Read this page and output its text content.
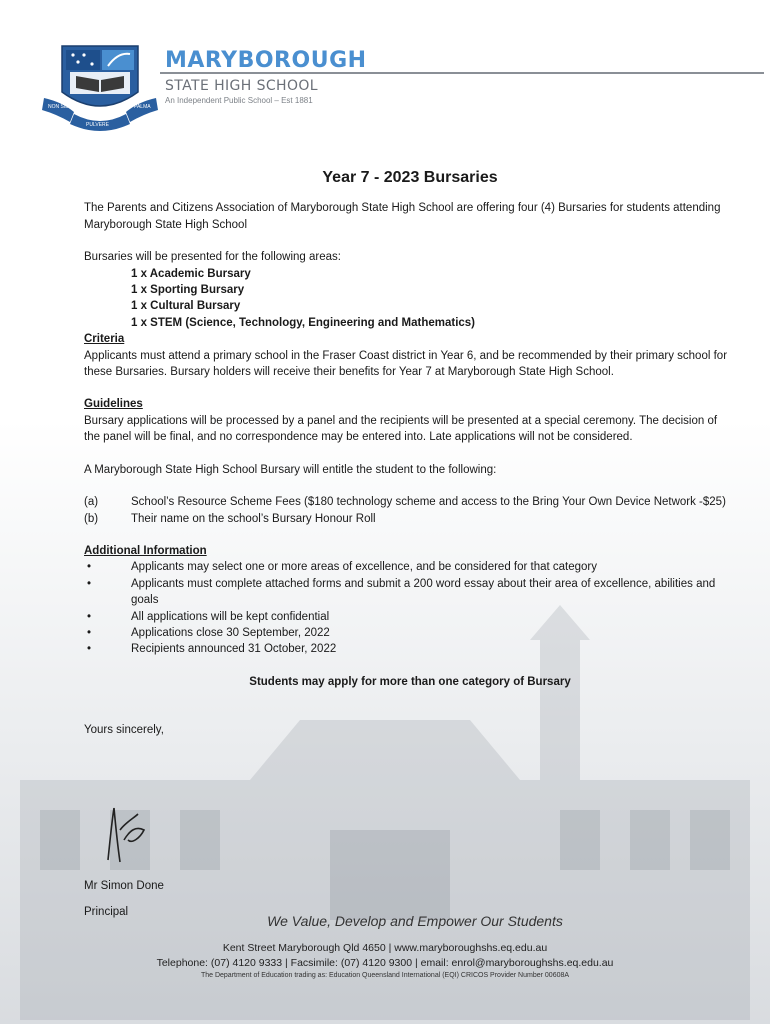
NON SIBI
PULVERE
PALMA
MARYBOROUGH
STATE HIGH SCHOOL
An Independent Public School – Est 1881
Year 7 - 2023 Bursaries

The Parents and Citizens Association of Maryborough State High School are offering four (4) Bursaries for students attending Maryborough State High School

Bursaries will be presented for the following areas:

1 x Academic Bursary
1 x Sporting Bursary
1 x Cultural Bursary
1 x STEM (Science, Technology, Engineering and Mathematics)
Criteria

Applicants must attend a primary school in the Fraser Coast district in Year 6, and be recommended by their primary school for these Bursaries. Bursary holders will receive their benefits for Year 7 at Maryborough State High School.

Guidelines

Bursary applications will be processed by a panel and the recipients will be presented at a special ceremony. The decision of the panel will be final, and no correspondence may be entered into. Late applications will not be considered.

A Maryborough State High School Bursary will entitle the student to the following:

(a)	School’s Resource Scheme Fees ($180 technology scheme and access to the Bring Your Own Device Network -$25)
(b)	Their name on the school’s Bursary Honour Roll
Additional Information
•	Applicants may select one or more areas of excellence, and be considered for that category
•	Applicants must complete attached forms and submit a 200 word essay about their area of excellence, abilities and goals
•	All applications will be kept confidential
•	Applications close 30 September, 2022
•	Recipients announced 31 October, 2022
Students may apply for more than one category of Bursary

Yours sincerely,

Mr Simon Done
Principal
We Value, Develop and Empower Our Students
Kent Street Maryborough Qld 4650 | www.maryboroughshs.eq.edu.au
Telephone: (07) 4120 9333 | Facsimile: (07) 4120 9300 | email: enrol@maryboroughshs.eq.edu.au
The Department of Education trading as: Education Queensland International (EQI) CRICOS Provider Number 00608A
